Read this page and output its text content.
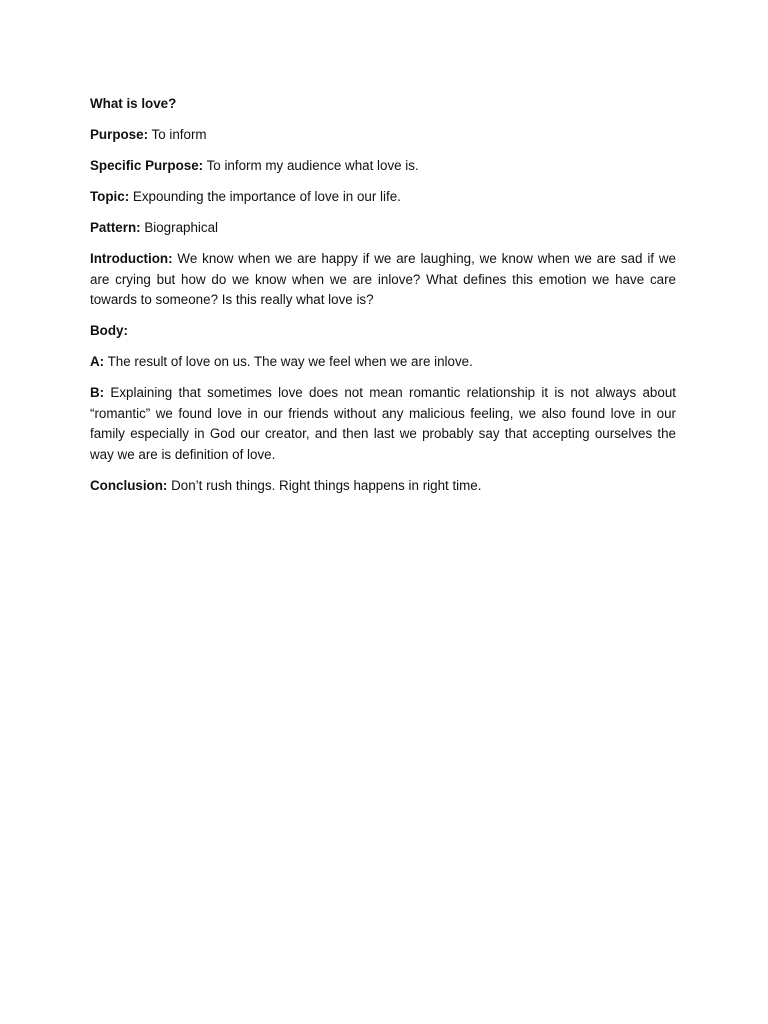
What is love?

Purpose: To inform

Specific Purpose: To inform my audience what love is.

Topic: Expounding the importance of love in our life.

Pattern: Biographical

Introduction: We know when we are happy if we are laughing, we know when we are sad if we are crying but how do we know when we are inlove? What defines this emotion we have care towards to someone? Is this really what love is?

Body:

A: The result of love on us. The way we feel when we are inlove.

B: Explaining that sometimes love does not mean romantic relationship it is not always about “romantic” we found love in our friends without any malicious feeling, we also found love in our family especially in God our creator, and then last we probably say that accepting ourselves the way we are is definition of love.

Conclusion: Don’t rush things. Right things happens in right time.
